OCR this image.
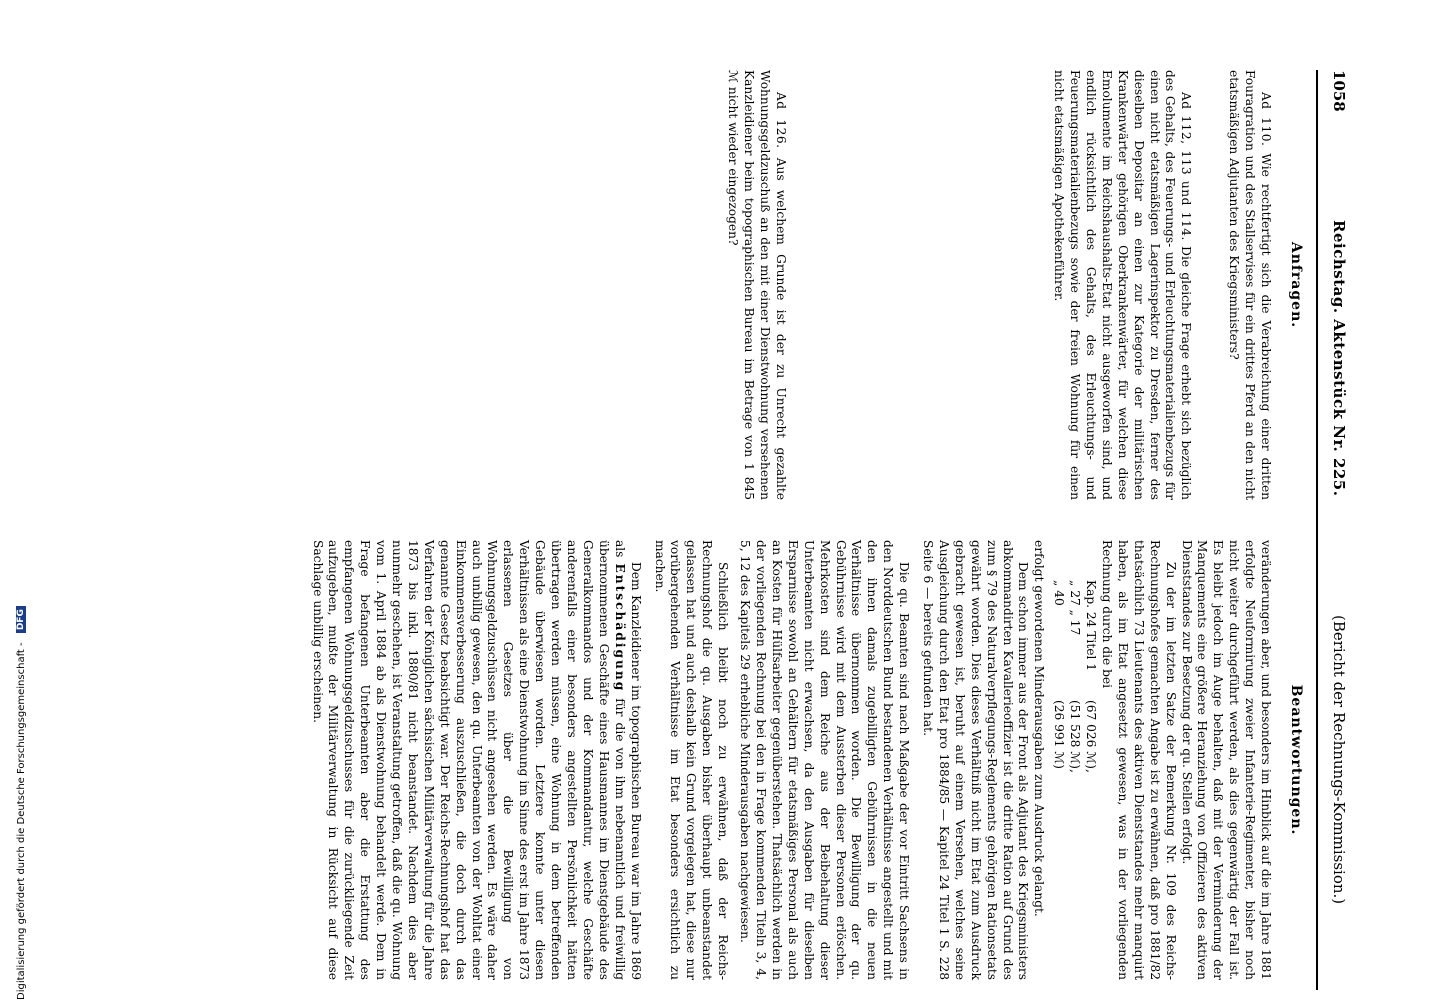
1058
Reichstag. Aktenstück Nr. 225.
(Bericht der Rechnungs-Kommission.)
Anfragen.

Ad 110. Wie rechtfertigt sich die Verabreichung einer dritten Fouragration und des Stallservises für ein drittes Pferd an den nicht etatsmäßigen Adjutanten des Kriegsministers?

Ad 112, 113 und 114. Die gleiche Frage erhebt sich bezüglich des Gehalts, des Feuerungs- und Erleuchtungsmaterialienbezugs für einen nicht etatsmäßigen Lagerinspektor zu Dresden, ferner des dieselben Depositar an einen zur Kategorie der militärischen Krankenwärter gehörigen Oberkrankenwärter, für welchen diese Emolumente im Reichshaushalts-Etat nicht ausgeworfen sind, und endlich rücksichtlich des Gehalts, des Erleuchtungs- und Feuerungsmaterialienbezugs sowie der freien Wohnung für einen nicht etatsmäßigen Apothekenführer.

Ad 126. Aus welchem Grunde ist der zu Unrecht gezahlte Wohnungsgeldzuschuß an den mit einer Dienstwohnung versehenen Kanzleidiener beim topographischen Bureau im Betrage von 1 845 ℳ nicht wieder eingezogen?

Beantwortungen.

veränderungen aber, und besonders im Hinblick auf die im Jahre 1881 erfolgte Neuformirung zweier Infanterie-Regimenter, bisher noch nicht weiter durchgeführt werden, als dies gegenwärtig der Fall ist. Es bleibt jedoch im Auge behalten, daß mit der Verminderung der Manquements eine größere Heranziehung von Offizieren des aktiven Dienststandes zur Besetzung der qu. Stellen erfolgt.

Zu der im letzten Satze der Bemerkung Nr. 109 des Reichs-Rechnungshofes gemachten Angabe ist zu erwähnen, daß pro 1881/82 thatsächlich 73 Lieutenants des aktiven Dienststandes mehr manquirt haben, als im Etat angesetzt gewesen, was in der vorliegenden Rechnung durch die bei

Kap. 24 Titel 1
(67 026 ℳ),
„ 27 „ 17
(51 528 ℳ),
„ 40
(26 991 ℳ)

erfolgt gewordenen Minderausgaben zum Ausdruck gelangt.

Dem schon immer aus der Front als Adjutant des Kriegsministers abkommandirten Kavallerieoffizier ist die dritte Ration auf Grund des zum § 79 des Naturalverpflegungs-Reglements gehörigen Rationsetats gewährt worden. Dies dieses Verhältniß nicht im Etat zum Ausdruck gebracht gewesen ist, beruht auf einem Versehen, welches seine Ausgleichung durch den Etat pro 1884/85 — Kapitel 24 Titel 1 S. 228 Seite 6 — bereits gefunden hat.

Die qu. Beamten sind nach Maßgabe der vor Eintritt Sachsens in den Norddeutschen Bund bestandenen Verhältnisse angestellt und mit den ihnen damals zugebilligten Gebührnissen in die neuen Verhältnisse übernommen worden. Die Bewilligung der qu. Gebührnisse wird mit dem Aussterben dieser Personen erlöschen. Mehrkosten sind dem Reiche aus der Beibehaltung dieser Unterbeamten nicht erwachsen, da den Ausgaben für dieselben Ersparnisse sowohl an Gehältern für etatsmäßiges Personal als auch an Kosten für Hülfsarbeiter gegenüberstehen. Thatsächlich werden in der vorliegenden Rechnung bei den in Frage kommenden Titeln 3, 4, 5, 12 des Kapitels 29 erhebliche Minderausgaben nachgewiesen.

Schließlich bleibt noch zu erwähnen, daß der Reichs-Rechnungshof die qu. Ausgaben bisher überhaupt unbeanstandet gelassen hat und auch deshalb kein Grund vorgelegen hat, diese nur vorübergehenden Verhältnisse im Etat besonders ersichtlich zu machen.

Dem Kanzleidiener im topographischen Bureau war im Jahre 1869 als Entschädigung für die von ihm nebenamtlich und freiwillig übernommenen Geschäfte eines Hausmannes im Dienstgebäude des Generalkommandos und der Kommandantur, welche Geschäfte anderenfalls einer besonders angestellten Persönlichkeit hätten übertragen werden müssen, eine Wohnung in dem betreffenden Gebäude überwiesen worden. Letztere konnte unter diesen Verhältnissen als eine Dienstwohnung im Sinne des erst im Jahre 1873 erlassenen Gesetzes über die Bewilligung von Wohnungsgeldzuschüssen nicht angesehen werden. Es wäre daher auch unbillig gewesen, den qu. Unterbeamten von der Wohltat einer Einkommensverbesserung auszuschließen, die doch durch das genannte Gesetz beabsichtigt war. Der Reichs-Rechnungshof hat das Verfahren der Königlichen sächsischen Militärverwaltung für die Jahre 1873 bis inkl. 1880/81 nicht beanstandet. Nachdem dies aber nunmehr geschehen, ist Veranstaltung getroffen, daß die qu. Wohnung vom 1. April 1884 ab als Dienstwohnung behandelt werde. Dem in Frage befangenen Unterbeamten aber die Erstattung des empfangenen Wohnungsgeldzuschusses für die zurückliegende Zeit aufzugeben, mußte der Militärverwaltung in Rücksicht auf diese Sachlage unbillig erscheinen.

Digitalisierung gefördert durch die Deutsche Forschungsgemeinschaft - DFG
